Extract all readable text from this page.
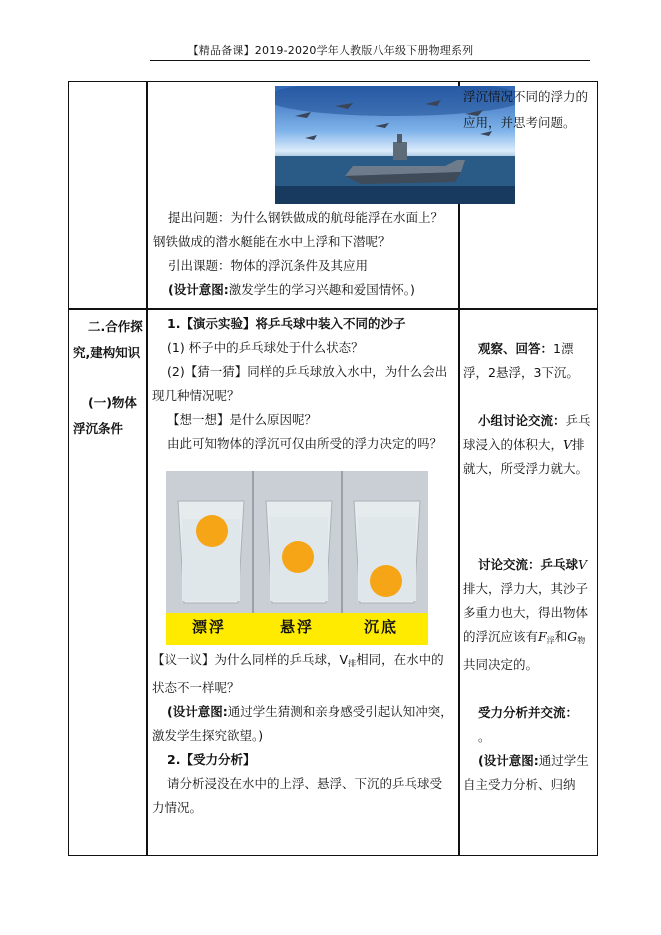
【精品备课】2019-2020学年人教版八年级下册物理系列

提出问题：为什么钢铁做成的航母能浮在水面上？钢铁做成的潜水艇能在水中上浮和下潜呢？

引出课题：物体的浮沉条件及其应用

(设计意图:激发学生的学习兴趣和爱国情怀。)

浮沉情况不同的浮力的应用，并思考问题。

二.合作探究,建构知识

(一)物体浮沉条件

1.【演示实验】将乒乓球中装入不同的沙子

(1) 杯子中的乒乓球处于什么状态？

(2)【猜一猜】同样的乒乓球放入水中，为什么会出现几种情况呢？

【想一想】是什么原因呢？

由此可知物体的浮沉可仅由所受的浮力决定的吗？

漂浮	悬浮	沉底

【议一议】为什么同样的乒乓球，$V_排$相同，在水中的状态不一样呢？

(设计意图:通过学生猜测和亲身感受引起认知冲突，激发学生探究欲望。)

2.【受力分析】

请分析浸没在水中的上浮、悬浮、下沉的乒乓球受力情况。

观察、回答：1漂浮，2悬浮，3下沉。

小组讨论交流：乒乓球浸入的体积大，V排就大，所受浮力就大。

讨论交流：乒乓球V排大，浮力大，其沙子多重力也大，得出物体的浮沉应该有$F_浮$和$G_物$共同决定的。

受力分析并交流：

。

(设计意图:通过学生自主受力分析、归纳
